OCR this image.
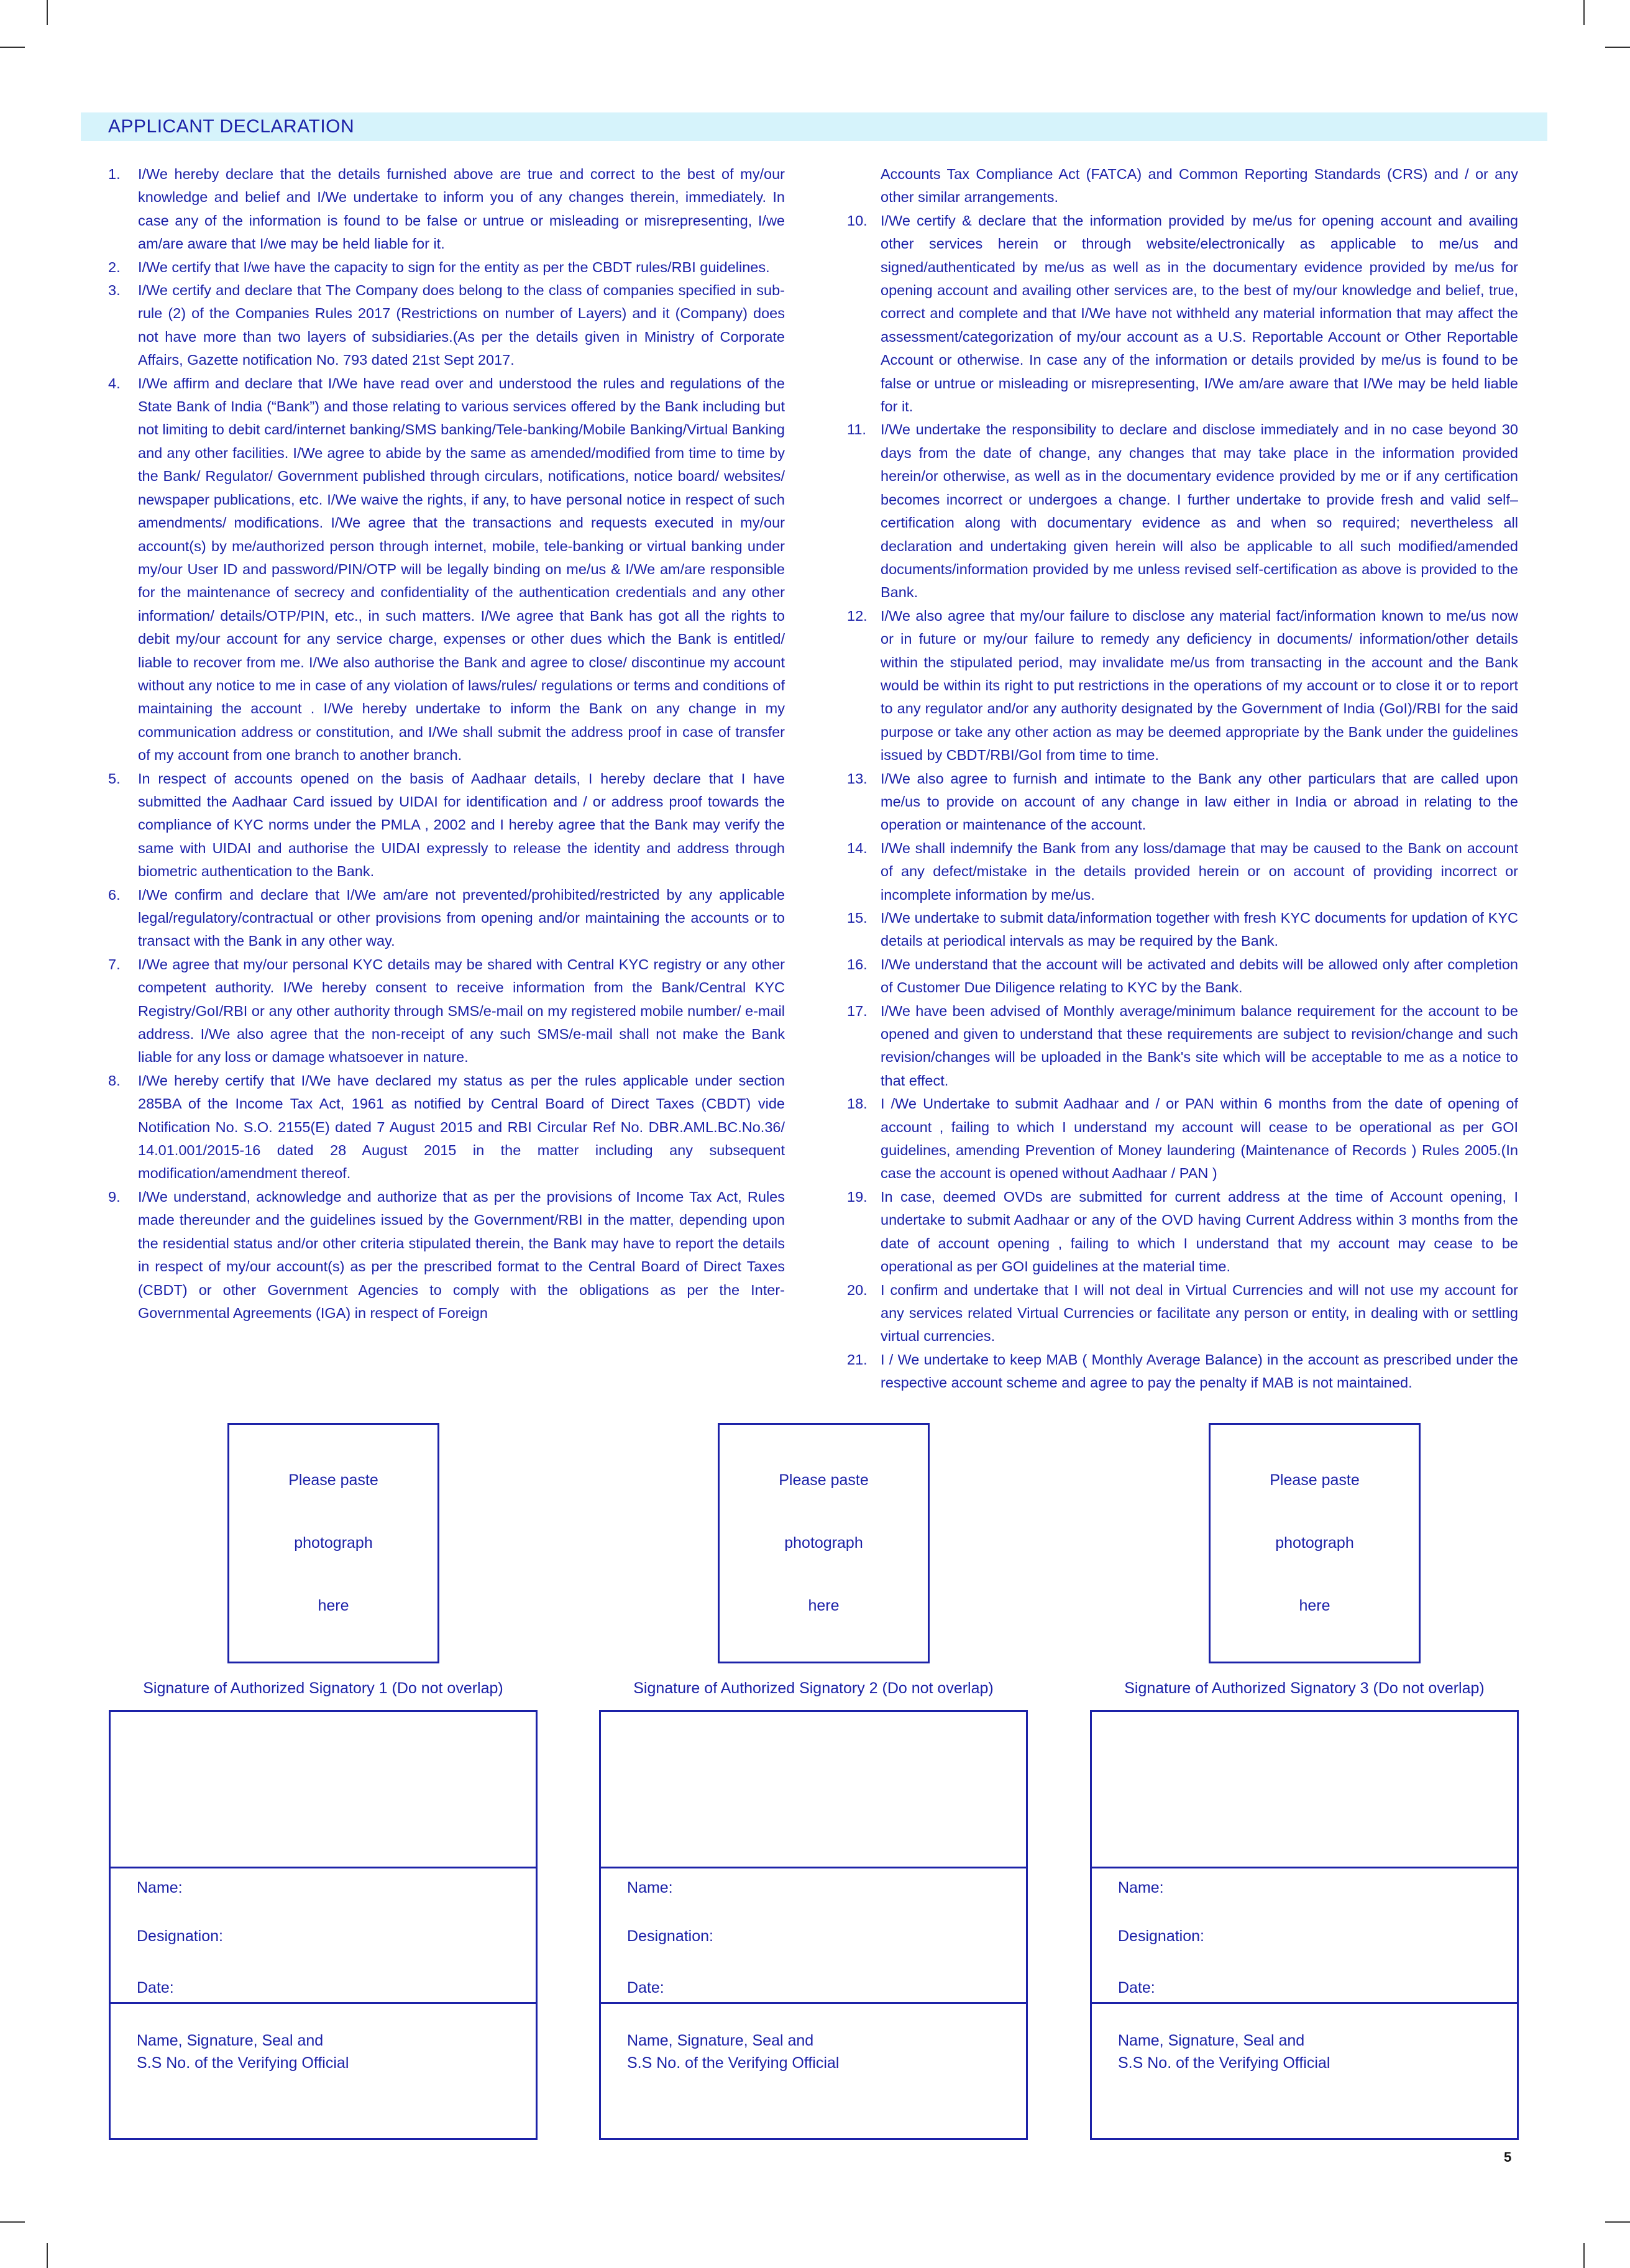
APPLICANT DECLARATION
1. I/We hereby declare that the details furnished above are true and correct to the best of my/our knowledge and belief and I/We undertake to inform you of any changes therein, immediately. In case any of the information is found to be false or untrue or misleading or misrepresenting, I/we am/are aware that I/we may be held liable for it.
2. I/We certify that I/we have the capacity to sign for the entity as per the CBDT rules/RBI guidelines.
3. I/We certify and declare that The Company does belong to the class of companies specified in sub-rule (2) of the Companies Rules 2017 (Restrictions on number of Layers) and it (Company) does not have more than two layers of subsidiaries.(As per the details given in Ministry of Corporate Affairs, Gazette notification No. 793 dated 21st Sept 2017.
4. I/We affirm and declare that I/We have read over and understood the rules and regulations of the State Bank of India (“Bank”) and those relating to various services offered by the Bank including but not limiting to debit card/internet banking/SMS banking/Tele-banking/Mobile Banking/Virtual Banking and any other facilities. I/We agree to abide by the same as amended/modified from time to time by the Bank/ Regulator/ Government published through circulars, notifications, notice board/ websites/ newspaper publications, etc. I/We waive the rights, if any, to have personal notice in respect of such amendments/ modifications. I/We agree that the transactions and requests executed in my/our account(s) by me/authorized person through internet, mobile, tele-banking or virtual banking under my/our User ID and password/PIN/OTP will be legally binding on me/us & I/We am/are responsible for the maintenance of secrecy and confidentiality of the authentication credentials and any other information/ details/OTP/PIN, etc., in such matters. I/We agree that Bank has got all the rights to debit my/our account for any service charge, expenses or other dues which the Bank is entitled/ liable to recover from me. I/We also authorise the Bank and agree to close/ discontinue my account without any notice to me in case of any violation of laws/rules/ regulations or terms and conditions of maintaining the account . I/We hereby undertake to inform the Bank on any change in my communication address or constitution, and I/We shall submit the address proof in case of transfer of my account from one branch to another branch.
5. In respect of accounts opened on the basis of Aadhaar details, I hereby declare that I have submitted the Aadhaar Card issued by UIDAI for identification and / or address proof towards the compliance of KYC norms under the PMLA , 2002 and I hereby agree that the Bank may verify the same with UIDAI and authorise the UIDAI expressly to release the identity and address through biometric authentication to the Bank.
6. I/We confirm and declare that I/We am/are not prevented/prohibited/restricted by any applicable legal/regulatory/contractual or other provisions from opening and/or maintaining the accounts or to transact with the Bank in any other way.
7. I/We agree that my/our personal KYC details may be shared with Central KYC registry or any other competent authority. I/We hereby consent to receive information from the Bank/Central KYC Registry/GoI/RBI or any other authority through SMS/e-mail on my registered mobile number/ e-mail address. I/We also agree that the non-receipt of any such SMS/e-mail shall not make the Bank liable for any loss or damage whatsoever in nature.
8. I/We hereby certify that I/We have declared my status as per the rules applicable under section 285BA of the Income Tax Act, 1961 as notified by Central Board of Direct Taxes (CBDT) vide Notification No. S.O. 2155(E) dated 7 August 2015 and RBI Circular Ref No. DBR.AML.BC.No.36/ 14.01.001/2015-16 dated 28 August 2015 in the matter including any subsequent modification/amendment thereof.
9. I/We understand, acknowledge and authorize that as per the provisions of Income Tax Act, Rules made thereunder and the guidelines issued by the Government/RBI in the matter, depending upon the residential status and/or other criteria stipulated therein, the Bank may have to report the details in respect of my/our account(s) as per the prescribed format to the Central Board of Direct Taxes (CBDT) or other Government Agencies to comply with the obligations as per the Inter- Governmental Agreements (IGA) in respect of Foreign
Accounts Tax Compliance Act (FATCA) and Common Reporting Standards (CRS) and / or any other similar arrangements.
10. I/We certify & declare that the information provided by me/us for opening account and availing other services herein or through website/electronically as applicable to me/us and signed/authenticated by me/us as well as in the documentary evidence provided by me/us for opening account and availing other services are, to the best of my/our knowledge and belief, true, correct and complete and that I/We have not withheld any material information that may affect the assessment/categorization of my/our account as a U.S. Reportable Account or Other Reportable Account or otherwise. In case any of the information or details provided by me/us is found to be false or untrue or misleading or misrepresenting, I/We am/are aware that I/We may be held liable for it.
11. I/We undertake the responsibility to declare and disclose immediately and in no case beyond 30 days from the date of change, any changes that may take place in the information provided herein/or otherwise, as well as in the documentary evidence provided by me or if any certification becomes incorrect or undergoes a change. I further undertake to provide fresh and valid self–certification along with documentary evidence as and when so required; nevertheless all declaration and undertaking given herein will also be applicable to all such modified/amended documents/information provided by me unless revised self-certification as above is provided to the Bank.
12. I/We also agree that my/our failure to disclose any material fact/information known to me/us now or in future or my/our failure to remedy any deficiency in documents/ information/other details within the stipulated period, may invalidate me/us from transacting in the account and the Bank would be within its right to put restrictions in the operations of my account or to close it or to report to any regulator and/or any authority designated by the Government of India (GoI)/RBI for the said purpose or take any other action as may be deemed appropriate by the Bank under the guidelines issued by CBDT/RBI/GoI from time to time.
13. I/We also agree to furnish and intimate to the Bank any other particulars that are called upon me/us to provide on account of any change in law either in India or abroad in relating to the operation or maintenance of the account.
14. I/We shall indemnify the Bank from any loss/damage that may be caused to the Bank on account of any defect/mistake in the details provided herein or on account of providing incorrect or incomplete information by me/us.
15. I/We undertake to submit data/information together with fresh KYC documents for updation of KYC details at periodical intervals as may be required by the Bank.
16. I/We understand that the account will be activated and debits will be allowed only after completion of Customer Due Diligence relating to KYC by the Bank.
17. I/We have been advised of Monthly average/minimum balance requirement for the account to be opened and given to understand that these requirements are subject to revision/change and such revision/changes will be uploaded in the Bank's site which will be acceptable to me as a notice to that effect.
18. I /We Undertake to submit Aadhaar and / or PAN within 6 months from the date of opening of account , failing to which I understand my account will cease to be operational as per GOI guidelines, amending Prevention of Money laundering (Maintenance of Records ) Rules 2005.(In case the account is opened without Aadhaar / PAN )
19. In case, deemed OVDs are submitted for current address at the time of Account opening, I undertake to submit Aadhaar or any of the OVD having Current Address within 3 months from the date of account opening , failing to which I understand that my account may cease to be operational as per GOI guidelines at the material time.
20. I confirm and undertake that I will not deal in Virtual Currencies and will not use my account for any services related Virtual Currencies or facilitate any person or entity, in dealing with or settling virtual currencies.
21. I / We undertake to keep MAB ( Monthly Average Balance) in the account as prescribed under the respective account scheme and agree to pay the penalty if MAB is not maintained.
Please paste
photograph
here
Please paste
photograph
here
Please paste
photograph
here
Signature of Authorized Signatory 1 (Do not overlap)	Signature of Authorized Signatory 2 (Do not overlap)	Signature of Authorized Signatory 3 (Do not overlap)
Name:
Designation:
Date:
Name, Signature, Seal and
S.S No. of the Verifying Official
Name:
Designation:
Date:
Name, Signature, Seal and
S.S No. of the Verifying Official
Name:
Designation:
Date:
Name, Signature, Seal and
S.S No. of the Verifying Official
5
